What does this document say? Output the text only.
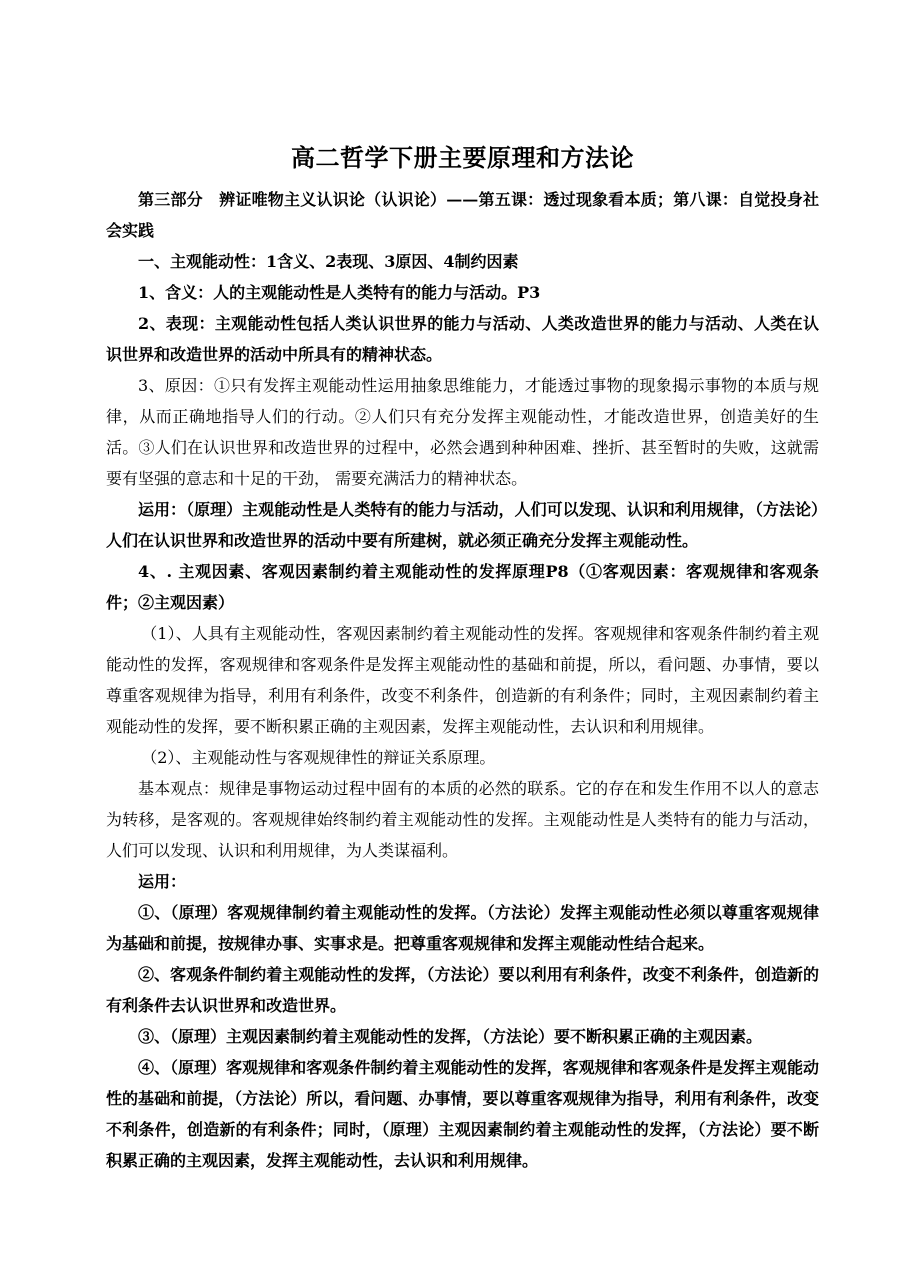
高二哲学下册主要原理和方法论

第三部分　辨证唯物主义认识论（认识论）——第五课：透过现象看本质；第八课：自觉投身社会实践

一、主观能动性：1含义、2表现、3原因、4制约因素

1、含义：人的主观能动性是人类特有的能力与活动。P3

2、表现：主观能动性包括人类认识世界的能力与活动、人类改造世界的能力与活动、人类在认识世界和改造世界的活动中所具有的精神状态。

3、原因：①只有发挥主观能动性运用抽象思维能力，才能透过事物的现象揭示事物的本质与规律，从而正确地指导人们的行动。②人们只有充分发挥主观能动性，才能改造世界，创造美好的生活。③人们在认识世界和改造世界的过程中，必然会遇到种种困难、挫折、甚至暂时的失败，这就需要有坚强的意志和十足的干劲， 需要充满活力的精神状态。

运用：（原理）主观能动性是人类特有的能力与活动，人们可以发现、认识和利用规律，（方法论）人们在认识世界和改造世界的活动中要有所建树，就必须正确充分发挥主观能动性。

4、. 主观因素、客观因素制约着主观能动性的发挥原理P8（①客观因素：客观规律和客观条件；②主观因素）

（1）、人具有主观能动性，客观因素制约着主观能动性的发挥。客观规律和客观条件制约着主观能动性的发挥，客观规律和客观条件是发挥主观能动性的基础和前提，所以，看问题、办事情，要以尊重客观规律为指导，利用有利条件，改变不利条件，创造新的有利条件；同时，主观因素制约着主观能动性的发挥，要不断积累正确的主观因素，发挥主观能动性，去认识和利用规律。

（2）、主观能动性与客观规律性的辩证关系原理。

基本观点：规律是事物运动过程中固有的本质的必然的联系。它的存在和发生作用不以人的意志为转移，是客观的。客观规律始终制约着主观能动性的发挥。主观能动性是人类特有的能力与活动，人们可以发现、认识和利用规律，为人类谋福利。

运用：

①、（原理）客观规律制约着主观能动性的发挥。（方法论）发挥主观能动性必须以尊重客观规律为基础和前提，按规律办事、实事求是。把尊重客观规律和发挥主观能动性结合起来。

②、客观条件制约着主观能动性的发挥，（方法论）要以利用有利条件，改变不利条件，创造新的有利条件去认识世界和改造世界。

③、（原理）主观因素制约着主观能动性的发挥，（方法论）要不断积累正确的主观因素。

④、（原理）客观规律和客观条件制约着主观能动性的发挥，客观规律和客观条件是发挥主观能动性的基础和前提，（方法论）所以，看问题、办事情，要以尊重客观规律为指导，利用有利条件，改变不利条件，创造新的有利条件；同时，（原理）主观因素制约着主观能动性的发挥，（方法论）要不断积累正确的主观因素，发挥主观能动性，去认识和利用规律。
